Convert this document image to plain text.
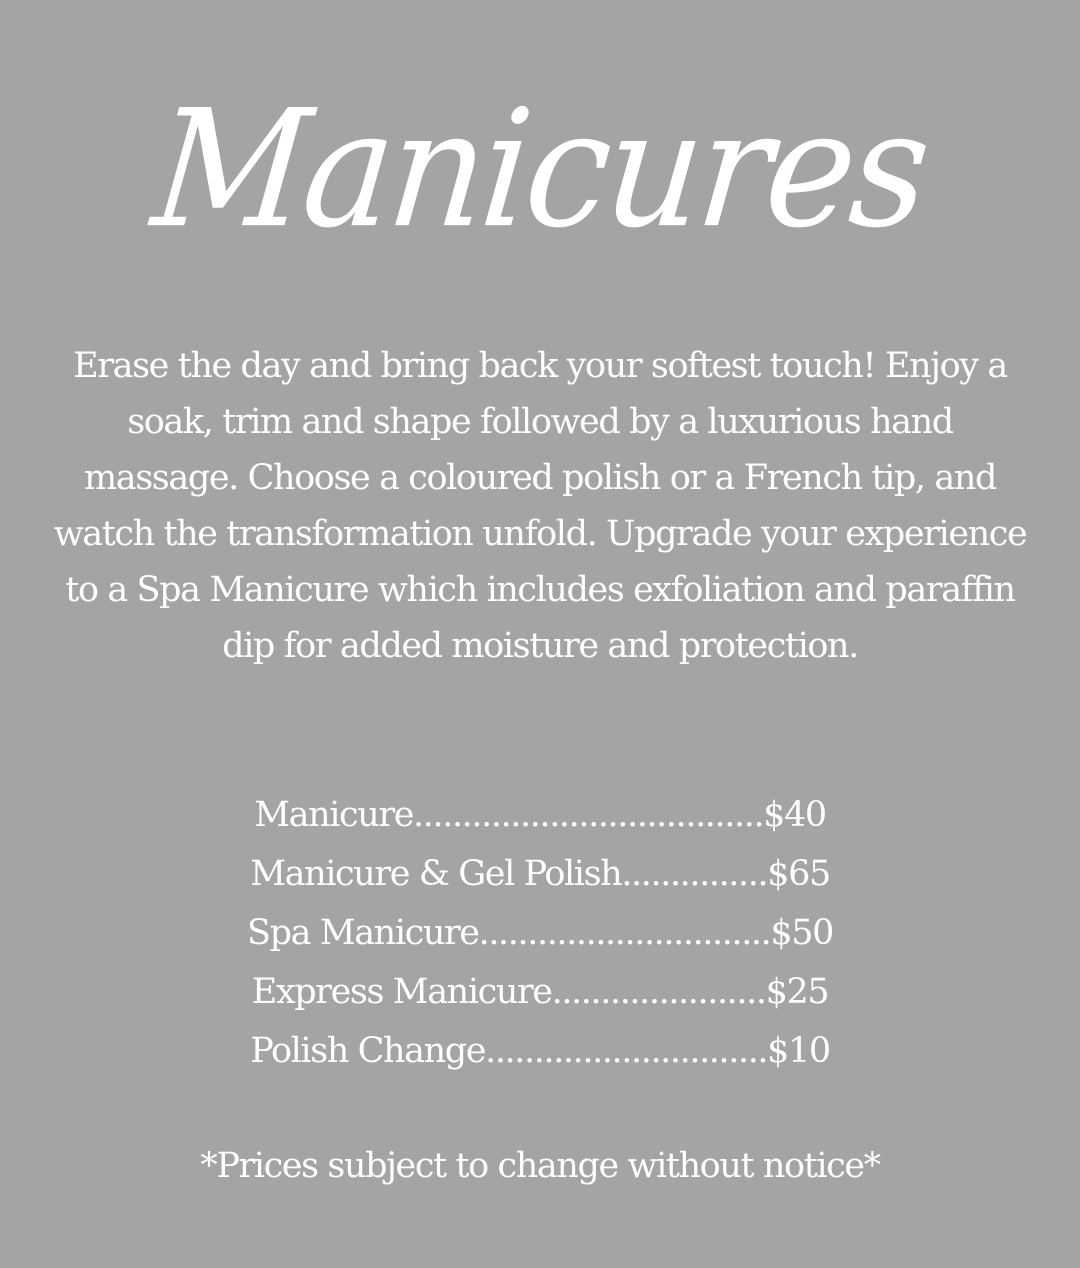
Manicures

Erase the day and bring back your softest touch! Enjoy a soak, trim and shape followed by a luxurious hand massage. Choose a coloured polish or a French tip, and watch the transformation unfold. Upgrade your experience to a Spa Manicure which includes exfoliation and paraffin dip for added moisture and protection.

Manicure....................................$40
Manicure & Gel Polish...............$65
Spa Manicure..............................$50
Express Manicure......................$25
Polish Change.............................$10

*Prices subject to change without notice*
